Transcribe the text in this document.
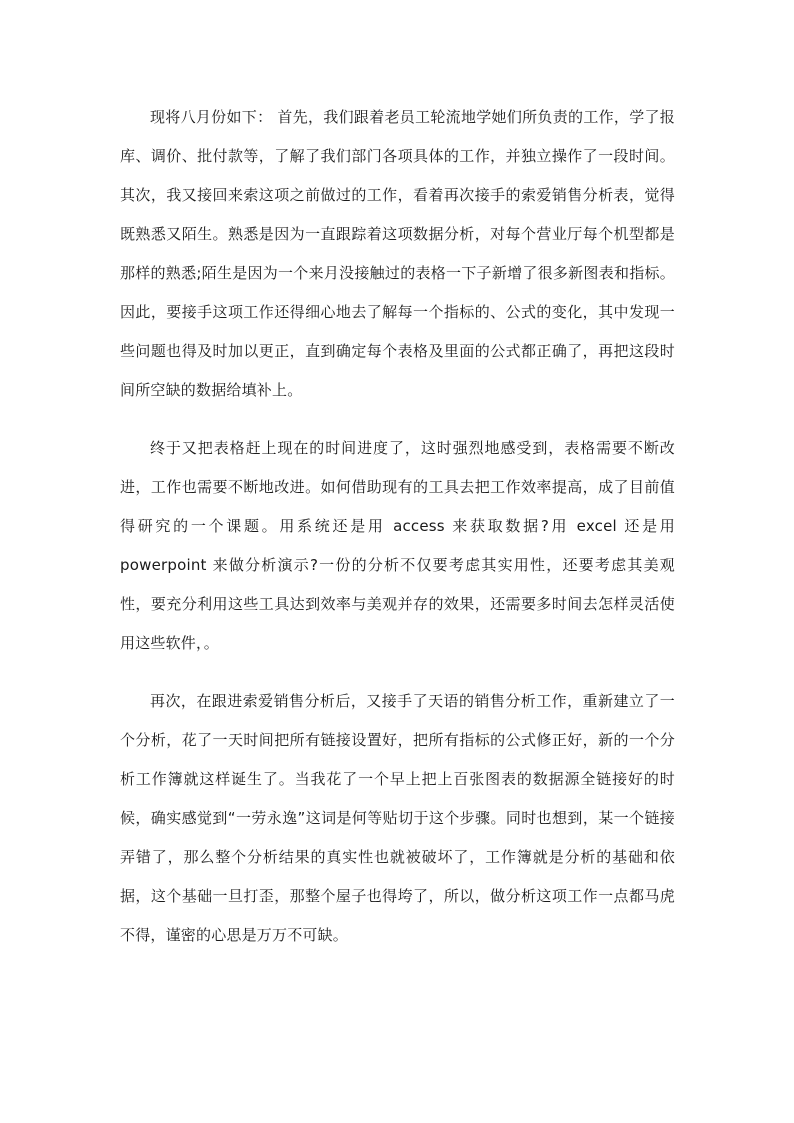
现将八月份如下： 首先，我们跟着老员工轮流地学她们所负责的工作，学了报库、调价、批付款等，了解了我们部门各项具体的工作，并独立操作了一段时间。 其次，我又接回来索这项之前做过的工作，看着再次接手的索爱销售分析表，觉得既熟悉又陌生。熟悉是因为一直跟踪着这项数据分析，对每个营业厅每个机型都是那样的熟悉;陌生是因为一个来月没接触过的表格一下子新增了很多新图表和指标。因此，要接手这项工作还得细心地去了解每一个指标的、公式的变化，其中发现一些问题也得及时加以更正，直到确定每个表格及里面的公式都正确了，再把这段时间所空缺的数据给填补上。

终于又把表格赶上现在的时间进度了，这时强烈地感受到，表格需要不断改进，工作也需要不断地改进。如何借助现有的工具去把工作效率提高，成了目前值得研究的一个课题。用系统还是用 access 来获取数据?用 excel 还是用 powerpoint 来做分析演示?一份的分析不仅要考虑其实用性，还要考虑其美观性，要充分利用这些工具达到效率与美观并存的效果，还需要多时间去怎样灵活使用这些软件，。

再次，在跟进索爱销售分析后，又接手了天语的销售分析工作，重新建立了一个分析，花了一天时间把所有链接设置好，把所有指标的公式修正好，新的一个分析工作簿就这样诞生了。当我花了一个早上把上百张图表的数据源全链接好的时候，确实感觉到“一劳永逸”这词是何等贴切于这个步骤。同时也想到，某一个链接弄错了，那么整个分析结果的真实性也就被破坏了，工作簿就是分析的基础和依据，这个基础一旦打歪，那整个屋子也得垮了，所以，做分析这项工作一点都马虎不得，谨密的心思是万万不可缺。
